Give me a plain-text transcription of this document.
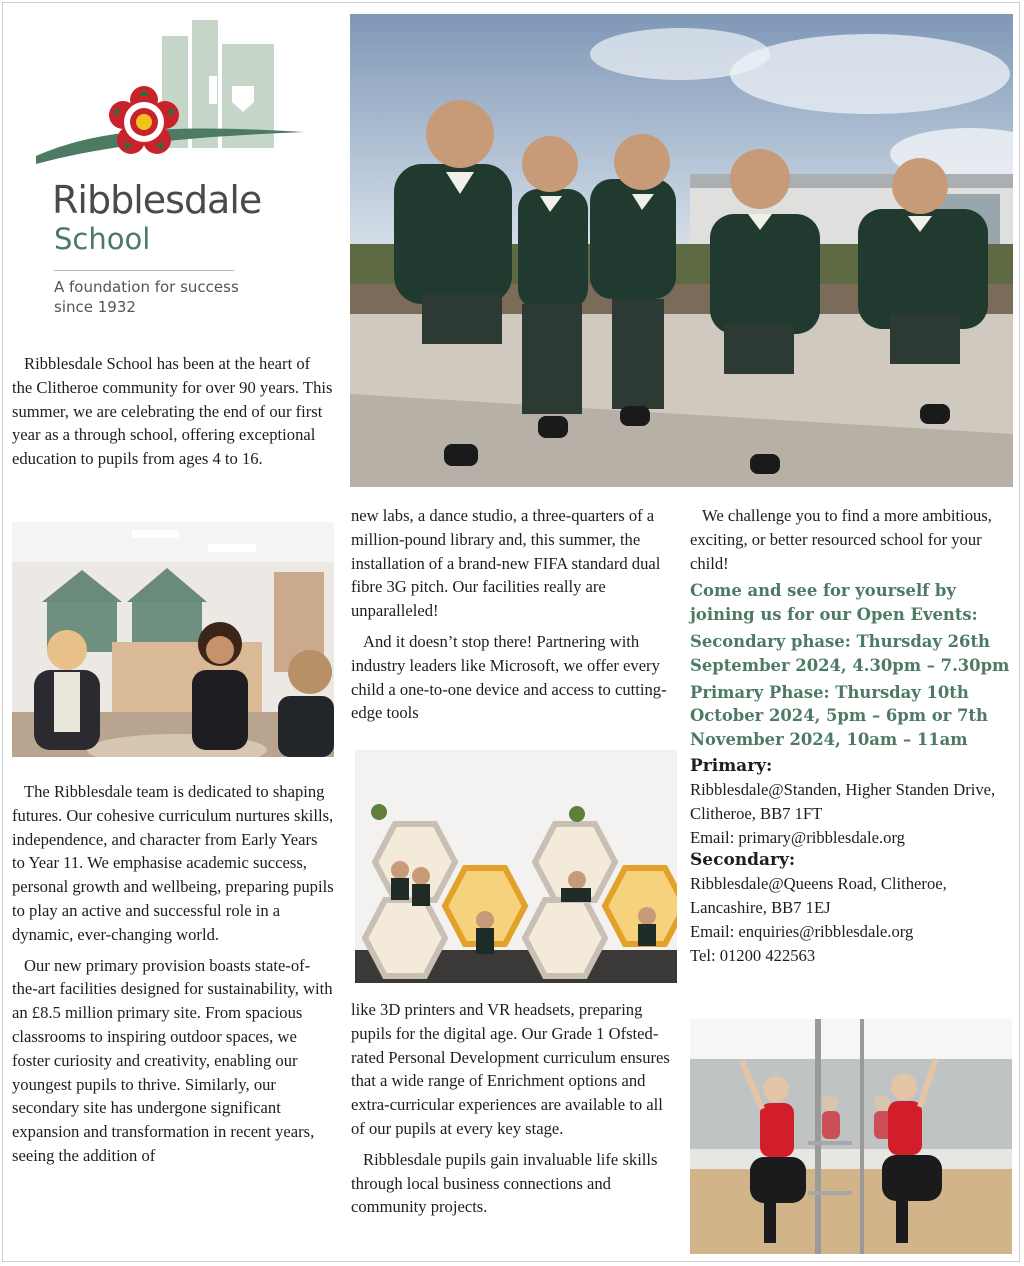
Ribblesdale
School
A foundation for success
since 1932

Ribblesdale School has been at the heart of the Clitheroe community for over 90 years. This summer, we are celebrating the end of our first year as a through school, offering exceptional education to pupils from ages 4 to 16.

The Ribblesdale team is dedicated to shaping futures. Our cohesive curriculum nurtures skills, independence, and character from Early Years to Year 11. We emphasise academic success, personal growth and wellbeing, preparing pupils to play an active and successful role in a dynamic, ever-changing world.

Our new primary provision boasts state-of-the-art facilities designed for sustainability, with an £8.5 million primary site. From spacious classrooms to inspiring outdoor spaces, we foster curiosity and creativity, enabling our youngest pupils to thrive. Similarly, our secondary site has undergone significant expansion and transformation in recent years, seeing the addition of

new labs, a dance studio, a three-quarters of a million-pound library and, this summer, the installation of a brand-new FIFA standard dual fibre 3G pitch. Our facilities really are unparalleled!

And it doesn’t stop there! Partnering with industry leaders like Microsoft, we offer every child a one-to-one device and access to cutting-edge tools

like 3D printers and VR headsets, preparing pupils for the digital age. Our Grade 1 Ofsted-rated Personal Development curriculum ensures that a wide range of Enrichment options and extra-curricular experiences are available to all of our pupils at every key stage.

Ribblesdale pupils gain invaluable life skills through local business connections and community projects.

We challenge you to find a more ambitious, exciting, or better resourced school for your child!

Come and see for yourself by joining us for our Open Events:

Secondary phase: Thursday 26th September 2024, 4.30pm – 7.30pm

Primary Phase: Thursday 10th October 2024, 5pm – 6pm or 7th November 2024, 10am – 11am

Primary:

Ribblesdale@Standen, Higher Standen Drive, Clitheroe, BB7 1FT

Email: primary@ribblesdale.org

Secondary:

Ribblesdale@Queens Road, Clitheroe, Lancashire, BB7 1EJ

Email: enquiries@ribblesdale.org

Tel: 01200 422563
